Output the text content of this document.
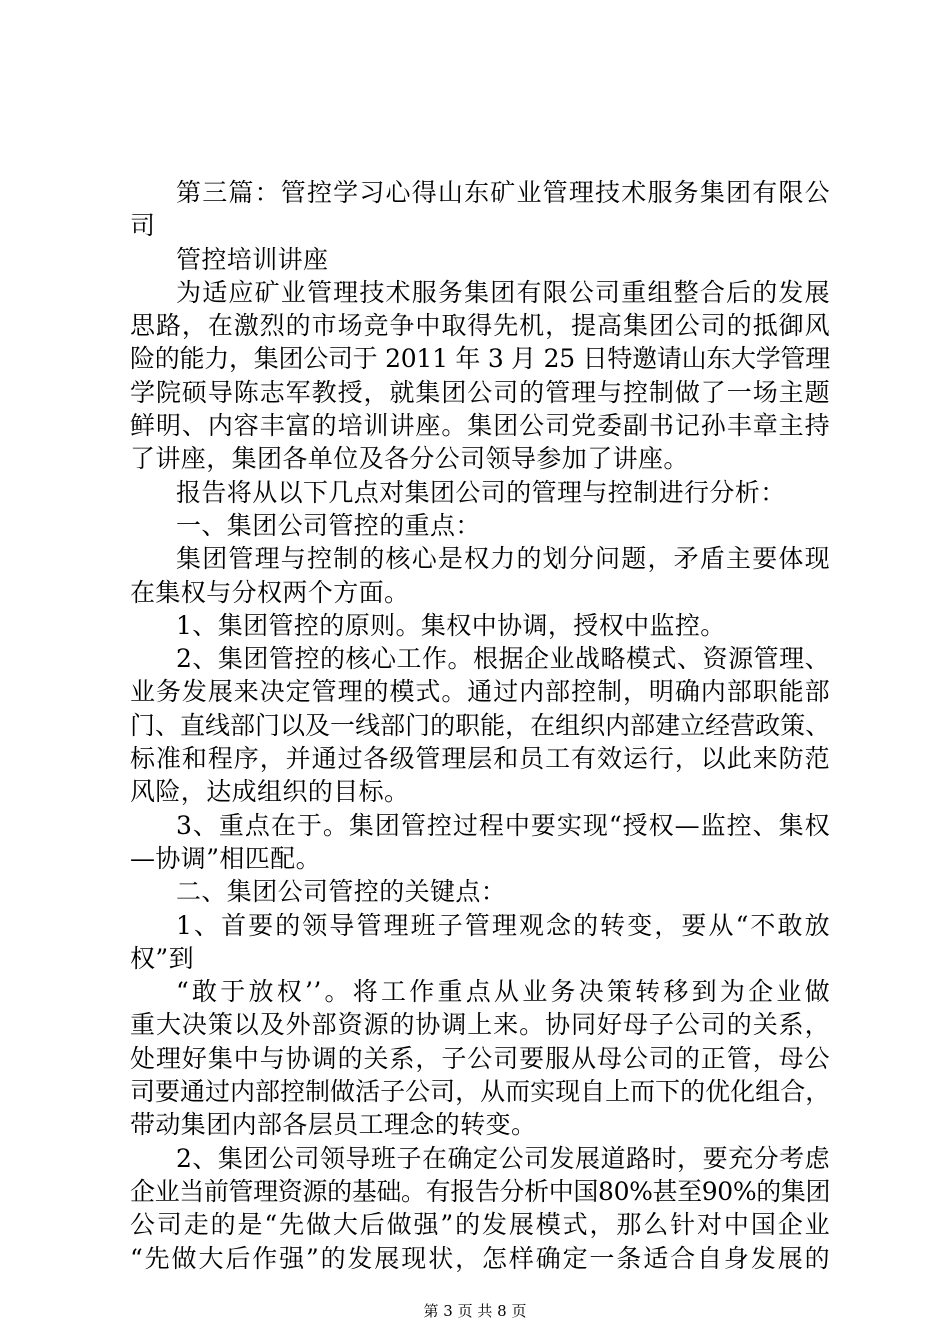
第三篇：管控学习心得山东矿业管理技术服务集团有限公
司
管控培训讲座
为适应矿业管理技术服务集团有限公司重组整合后的发展
思路，在激烈的市场竞争中取得先机，提高集团公司的抵御风
险的能力，集团公司于 2011 年 3 月 25 日特邀请山东大学管理
学院硕导陈志军教授，就集团公司的管理与控制做了一场主题
鲜明、内容丰富的培训讲座。集团公司党委副书记孙丰章主持
了讲座，集团各单位及各分公司领导参加了讲座。
报告将从以下几点对集团公司的管理与控制进行分析：
一、集团公司管控的重点：
集团管理与控制的核心是权力的划分问题，矛盾主要体现
在集权与分权两个方面。
1、集团管控的原则。集权中协调，授权中监控。
2、集团管控的核心工作。根据企业战略模式、资源管理、
业务发展来决定管理的模式。通过内部控制，明确内部职能部
门、直线部门以及一线部门的职能，在组织内部建立经营政策、
标准和程序，并通过各级管理层和员工有效运行，以此来防范
风险，达成组织的目标。
3、重点在于。集团管控过程中要实现“授权—监控、集权
—协调”相匹配。
二、集团公司管控的关键点：
1、首要的领导管理班子管理观念的转变，要从“不敢放
权”到
“敢于放权’’。将工作重点从业务决策转移到为企业做
重大决策以及外部资源的协调上来。协同好母子公司的关系，
处理好集中与协调的关系，子公司要服从母公司的正管，母公
司要通过内部控制做活子公司，从而实现自上而下的优化组合，
带动集团内部各层员工理念的转变。
2、集团公司领导班子在确定公司发展道路时，要充分考虑
企业当前管理资源的基础。有报告分析中国80%甚至90%的集团
公司走的是“先做大后做强”的发展模式，那么针对中国企业
“先做大后作强”的发展现状，怎样确定一条适合自身发展的
第 3 页 共 8 页
